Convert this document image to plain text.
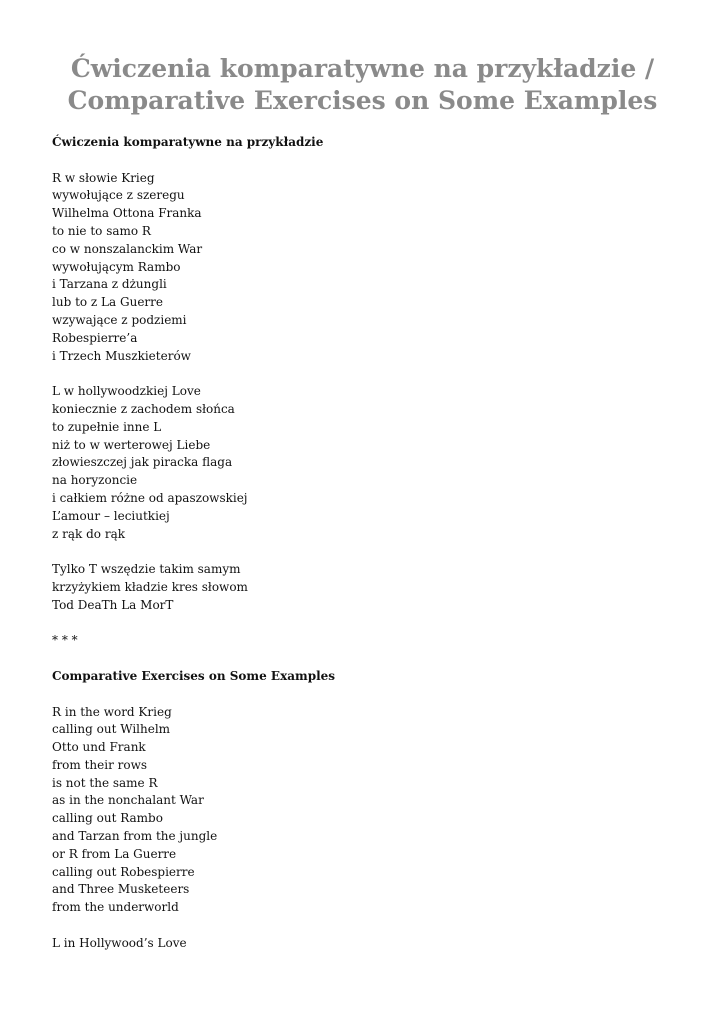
Ćwiczenia komparatywne na przykładzie /
Comparative Exercises on Some Examples
Ćwiczenia komparatywne na przykładzie
R w słowie Krieg
wywołujące z szeregu
Wilhelma Ottona Franka
to nie to samo R
co w nonszalanckim War
wywołującym Rambo
i Tarzana z dżungli
lub to z La Guerre
wzywające z podziemi
Robespierre’a
i Trzech Muszkieterów
L w hollywoodzkiej Love
koniecznie z zachodem słońca
to zupełnie inne L
niż to w werterowej Liebe
złowieszczej jak piracka flaga
na horyzoncie
i całkiem różne od apaszowskiej
L’amour – leciutkiej
z rąk do rąk
Tylko T wszędzie takim samym
krzyżykiem kładzie kres słowom
Tod DeaTh La MorT
* * *
Comparative Exercises on Some Examples
R in the word Krieg
calling out Wilhelm
Otto und Frank
from their rows
is not the same R
as in the nonchalant War
calling out Rambo
and Tarzan from the jungle
or R from La Guerre
calling out Robespierre
and Three Musketeers
from the underworld
L in Hollywood’s Love
